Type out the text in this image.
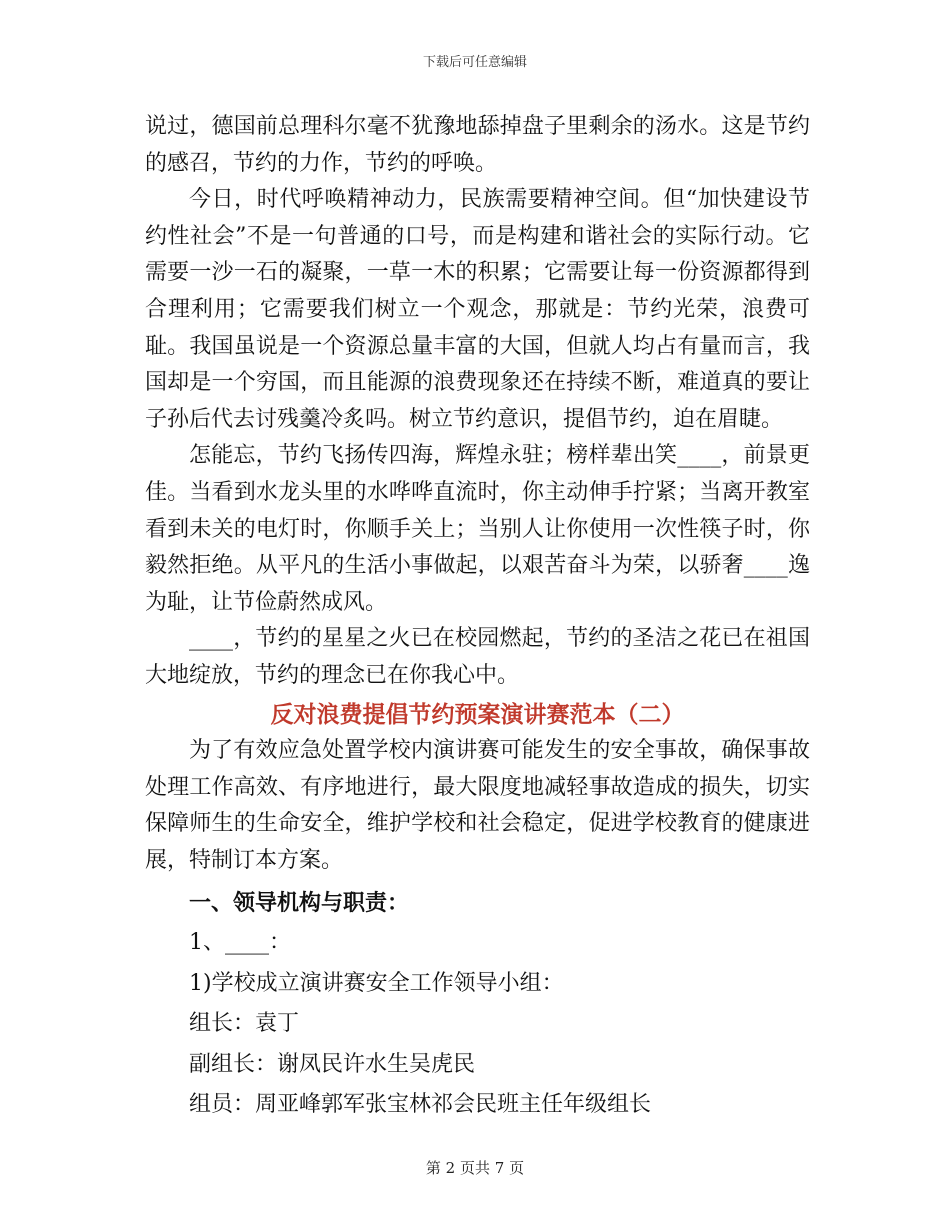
下载后可任意编辑

说过，德国前总理科尔毫不犹豫地舔掉盘子里剩余的汤水。这是节约的感召，节约的力作，节约的呼唤。

今日，时代呼唤精神动力，民族需要精神空间。但“加快建设节约性社会”不是一句普通的口号，而是构建和谐社会的实际行动。它需要一沙一石的凝聚，一草一木的积累；它需要让每一份资源都得到合理利用；它需要我们树立一个观念，那就是：节约光荣，浪费可耻。我国虽说是一个资源总量丰富的大国，但就人均占有量而言，我国却是一个穷国，而且能源的浪费现象还在持续不断，难道真的要让子孙后代去讨残羹冷炙吗。树立节约意识，提倡节约，迫在眉睫。

怎能忘，节约飞扬传四海，辉煌永驻；榜样辈出笑____，前景更佳。当看到水龙头里的水哗哗直流时，你主动伸手拧紧；当离开教室看到未关的电灯时，你顺手关上；当别人让你使用一次性筷子时，你毅然拒绝。从平凡的生活小事做起，以艰苦奋斗为荣，以骄奢____逸为耻，让节俭蔚然成风。

____，节约的星星之火已在校园燃起，节约的圣洁之花已在祖国大地绽放，节约的理念已在你我心中。

反对浪费提倡节约预案演讲赛范本（二）

为了有效应急处置学校内演讲赛可能发生的安全事故，确保事故处理工作高效、有序地进行，最大限度地减轻事故造成的损失，切实保障师生的生命安全，维护学校和社会稳定，促进学校教育的健康进展，特制订本方案。

一、领导机构与职责：

1、____：

1)学校成立演讲赛安全工作领导小组：

组长：袁丁

副组长：谢凤民许水生吴虎民

组员：周亚峰郭军张宝林祁会民班主任年级组长

第 2 页共 7 页
